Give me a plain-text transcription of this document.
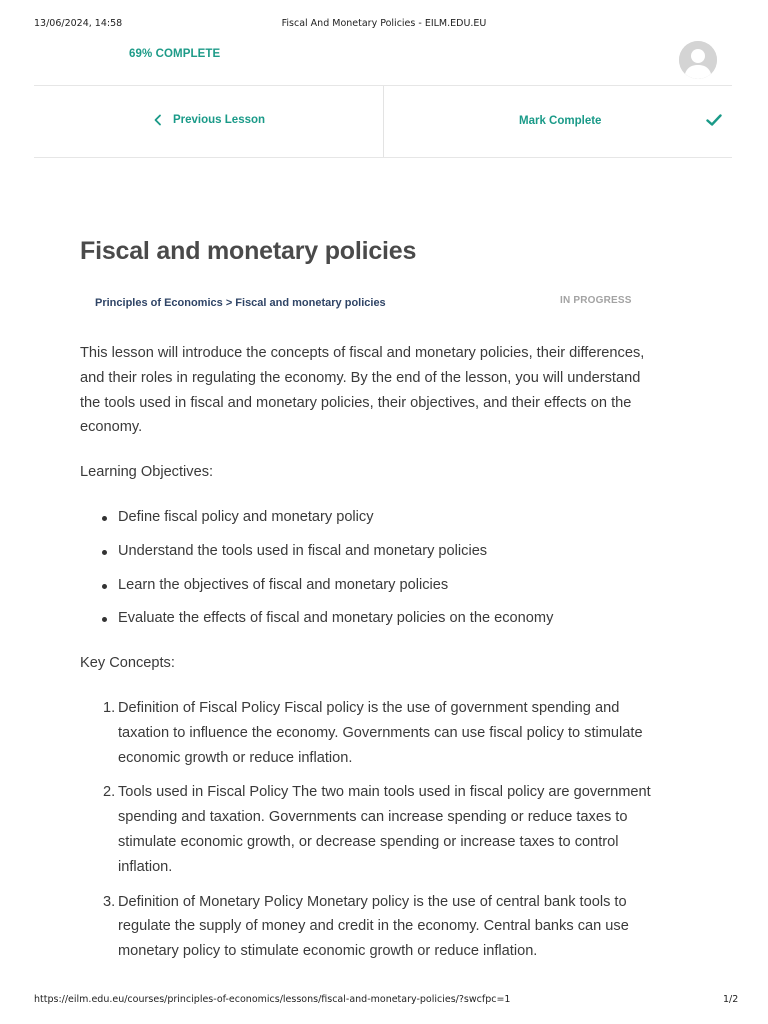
13/06/2024, 14:58	Fiscal And Monetary Policies - EILM.EDU.EU
69% COMPLETE
Previous Lesson	Mark Complete
Fiscal and monetary policies
Principles of Economics > Fiscal and monetary policies	IN PROGRESS

This lesson will introduce the concepts of fiscal and monetary policies, their differences, and their roles in regulating the economy. By the end of the lesson, you will understand the tools used in fiscal and monetary policies, their objectives, and their effects on the economy.

Learning Objectives:

Define fiscal policy and monetary policy
Understand the tools used in fiscal and monetary policies
Learn the objectives of fiscal and monetary policies
Evaluate the effects of fiscal and monetary policies on the economy

Key Concepts:

1. Definition of Fiscal Policy Fiscal policy is the use of government spending and taxation to influence the economy. Governments can use fiscal policy to stimulate economic growth or reduce inflation.
2. Tools used in Fiscal Policy The two main tools used in fiscal policy are government spending and taxation. Governments can increase spending or reduce taxes to stimulate economic growth, or decrease spending or increase taxes to control inflation.
3. Definition of Monetary Policy Monetary policy is the use of central bank tools to regulate the supply of money and credit in the economy. Central banks can use monetary policy to stimulate economic growth or reduce inflation.
https://eilm.edu.eu/courses/principles-of-economics/lessons/fiscal-and-monetary-policies/?swcfpc=1	1/2
